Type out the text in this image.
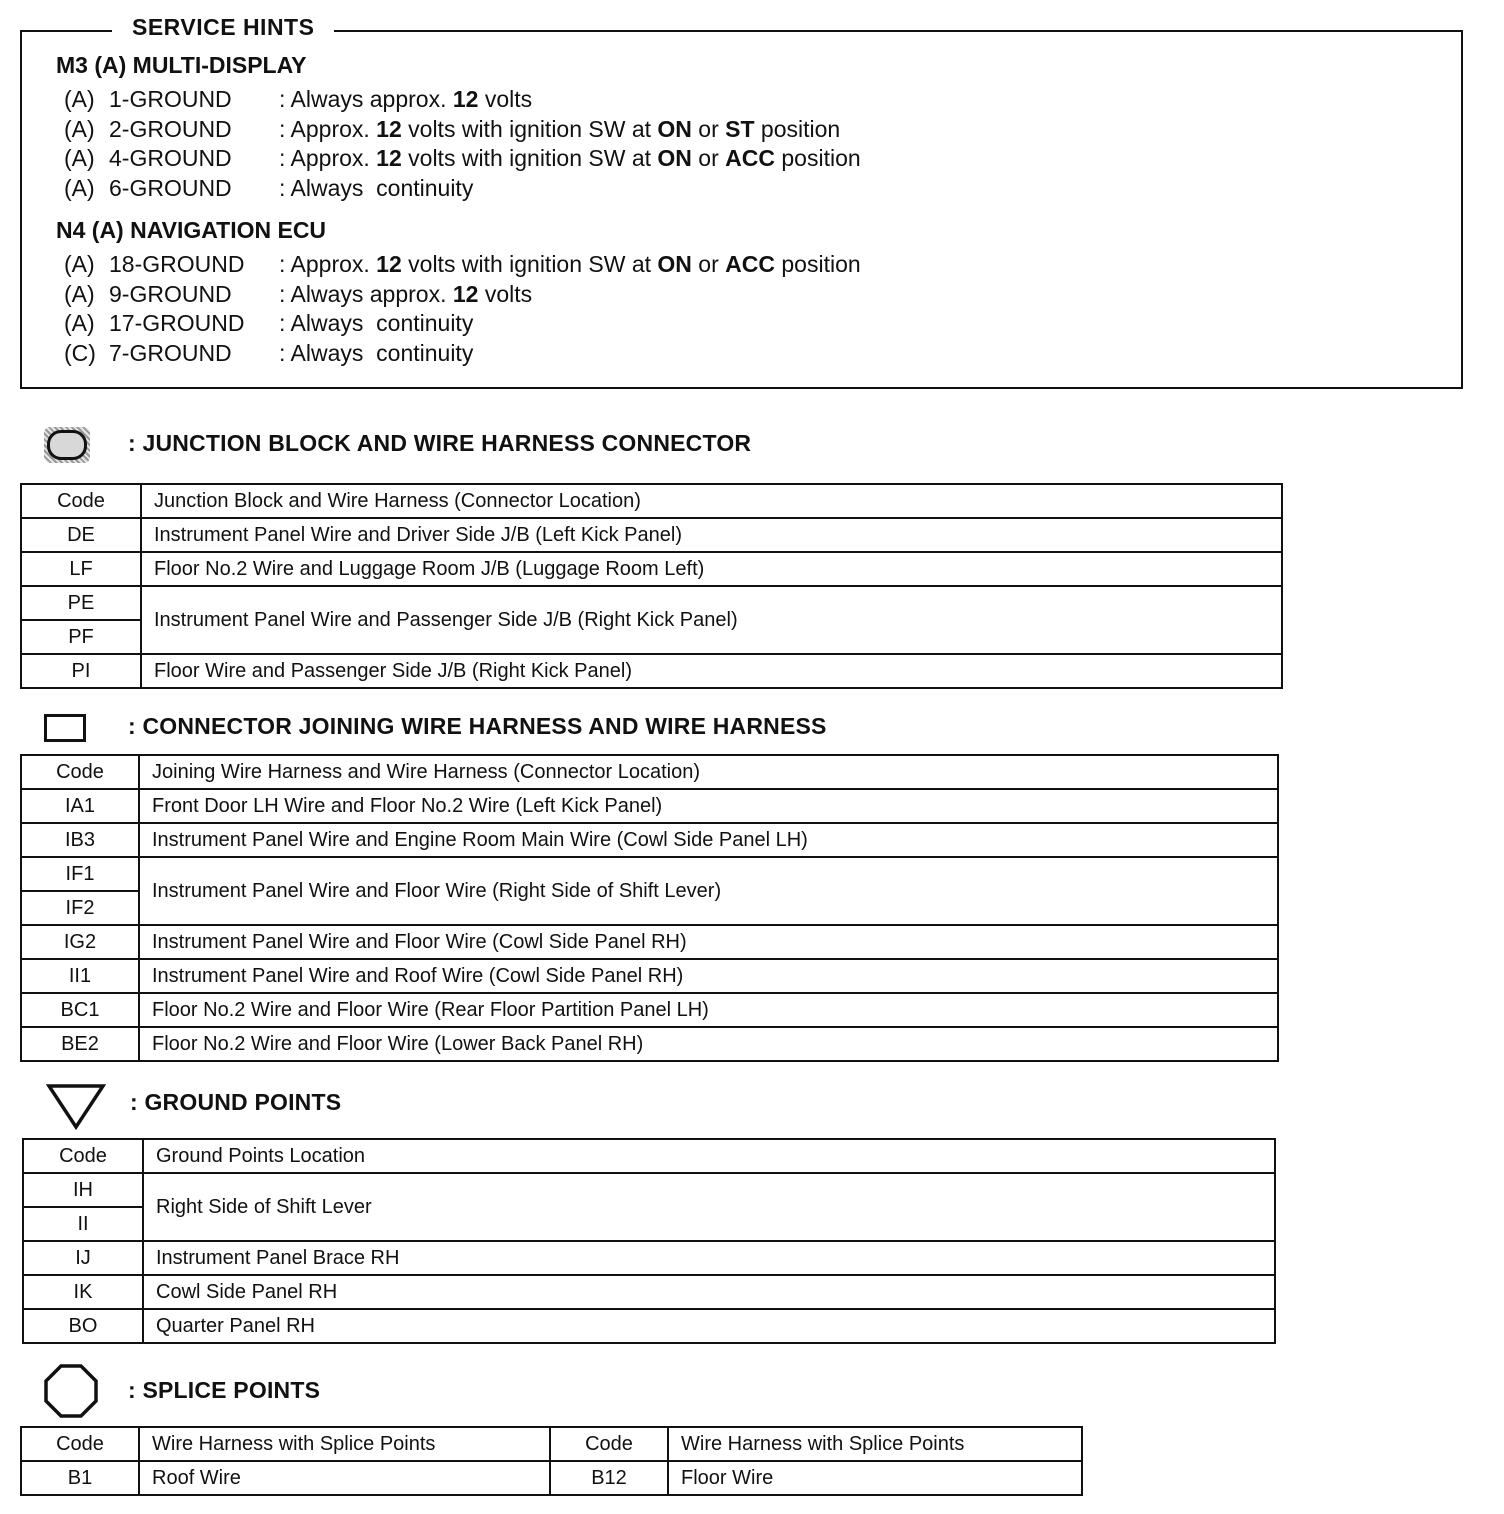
SERVICE HINTS
M3 (A) MULTI-DISPLAY
(A) 1-GROUND : Always approx. 12 volts
(A) 2-GROUND : Approx. 12 volts with ignition SW at ON or ST position
(A) 4-GROUND : Approx. 12 volts with ignition SW at ON or ACC position
(A) 6-GROUND : Always  continuity
N4 (A) NAVIGATION ECU
(A) 18-GROUND : Approx. 12 volts with ignition SW at ON or ACC position
(A) 9-GROUND : Always approx. 12 volts
(A) 17-GROUND : Always  continuity
(C) 7-GROUND : Always  continuity
: JUNCTION BLOCK AND WIRE HARNESS CONNECTOR
Code	Junction Block and Wire Harness (Connector Location)
DE	Instrument Panel Wire and Driver Side J/B (Left Kick Panel)
LF	Floor No.2 Wire and Luggage Room J/B (Luggage Room Left)
PE	Instrument Panel Wire and Passenger Side J/B (Right Kick Panel)
PF	
PI	Floor Wire and Passenger Side J/B (Right Kick Panel)
: CONNECTOR JOINING WIRE HARNESS AND WIRE HARNESS
Code	Joining Wire Harness and Wire Harness (Connector Location)
IA1	Front Door LH Wire and Floor No.2 Wire (Left Kick Panel)
IB3	Instrument Panel Wire and Engine Room Main Wire (Cowl Side Panel LH)
IF1	Instrument Panel Wire and Floor Wire (Right Side of Shift Lever)
IF2	
IG2	Instrument Panel Wire and Floor Wire (Cowl Side Panel RH)
II1	Instrument Panel Wire and Roof Wire (Cowl Side Panel RH)
BC1	Floor No.2 Wire and Floor Wire (Rear Floor Partition Panel LH)
BE2	Floor No.2 Wire and Floor Wire (Lower Back Panel RH)
: GROUND POINTS
Code	Ground Points Location
IH	Right Side of Shift Lever
II	
IJ	Instrument Panel Brace RH
IK	Cowl Side Panel RH
BO	Quarter Panel RH
: SPLICE POINTS
Code	Wire Harness with Splice Points	Code	Wire Harness with Splice Points
B1	Roof Wire	B12	Floor Wire
